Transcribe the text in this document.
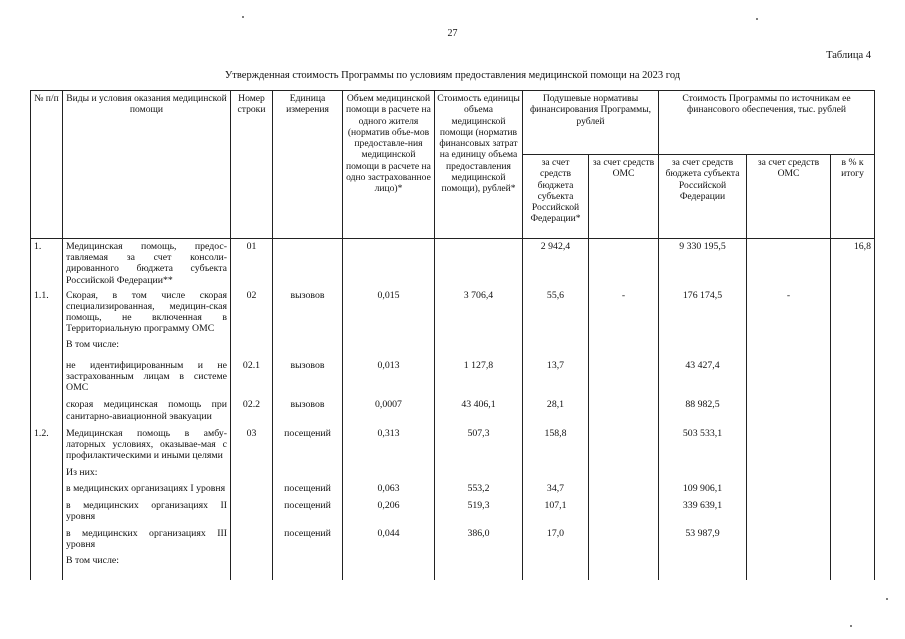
27
Таблица 4
Утвержденная стоимость Программы по условиям предоставления медицинской помощи на 2023 год
№ п/п	Виды и условия оказания медицинской помощи	Номер строки	Единица измерения	Объем медицинской помощи в расчете на одного жителя (норматив объе-мов предоставле-ния медицинской помощи в расчете на одно застрахованное лицо)*	Стоимость единицы объема медицинской помощи (норматив финансовых затрат на единицу объема предоставления медицинской помощи), рублей*	Подушевые нормативы финансирования Программы, рублей		Стоимость Программы по источникам ее финансового обеспечения, тыс. рублей		
						за счет средств бюджета субъекта Российской Федерации*	за счет средств ОМС	за счет средств бюджета субъекта Российской Федерации	за счет средств ОМС	в % к итогу
1.	Медицинская помощь, предос-тавляемая за счет консоли-дированного бюджета субъекта Российской Федерации**	01				2 942,4		9 330 195,5		16,8
1.1.	Скорая, в том числе скорая специализированная, медицин-ская помощь, не включенная в Территориальную программу ОМС	02	вызовов	0,015	3 706,4	55,6	-	176 174,5	-	
	В том числе:									
	не идентифицированным и не застрахованным лицам в системе ОМС	02.1	вызовов	0,013	1 127,8	13,7		43 427,4		
	скорая медицинская помощь при санитарно-авиационной эвакуации	02.2	вызовов	0,0007	43 406,1	28,1		88 982,5		
1.2.	Медицинская помощь в амбу-латорных условиях, оказывае-мая с профилактическими и иными целями	03	посещений	0,313	507,3	158,8		503 533,1		
	Из них:									
	в медицинских организациях I уровня		посещений	0,063	553,2	34,7		109 906,1		
	в медицинских организациях II уровня		посещений	0,206	519,3	107,1		339 639,1		
	в медицинских организациях III уровня		посещений	0,044	386,0	17,0		53 987,9		
	В том числе:									
